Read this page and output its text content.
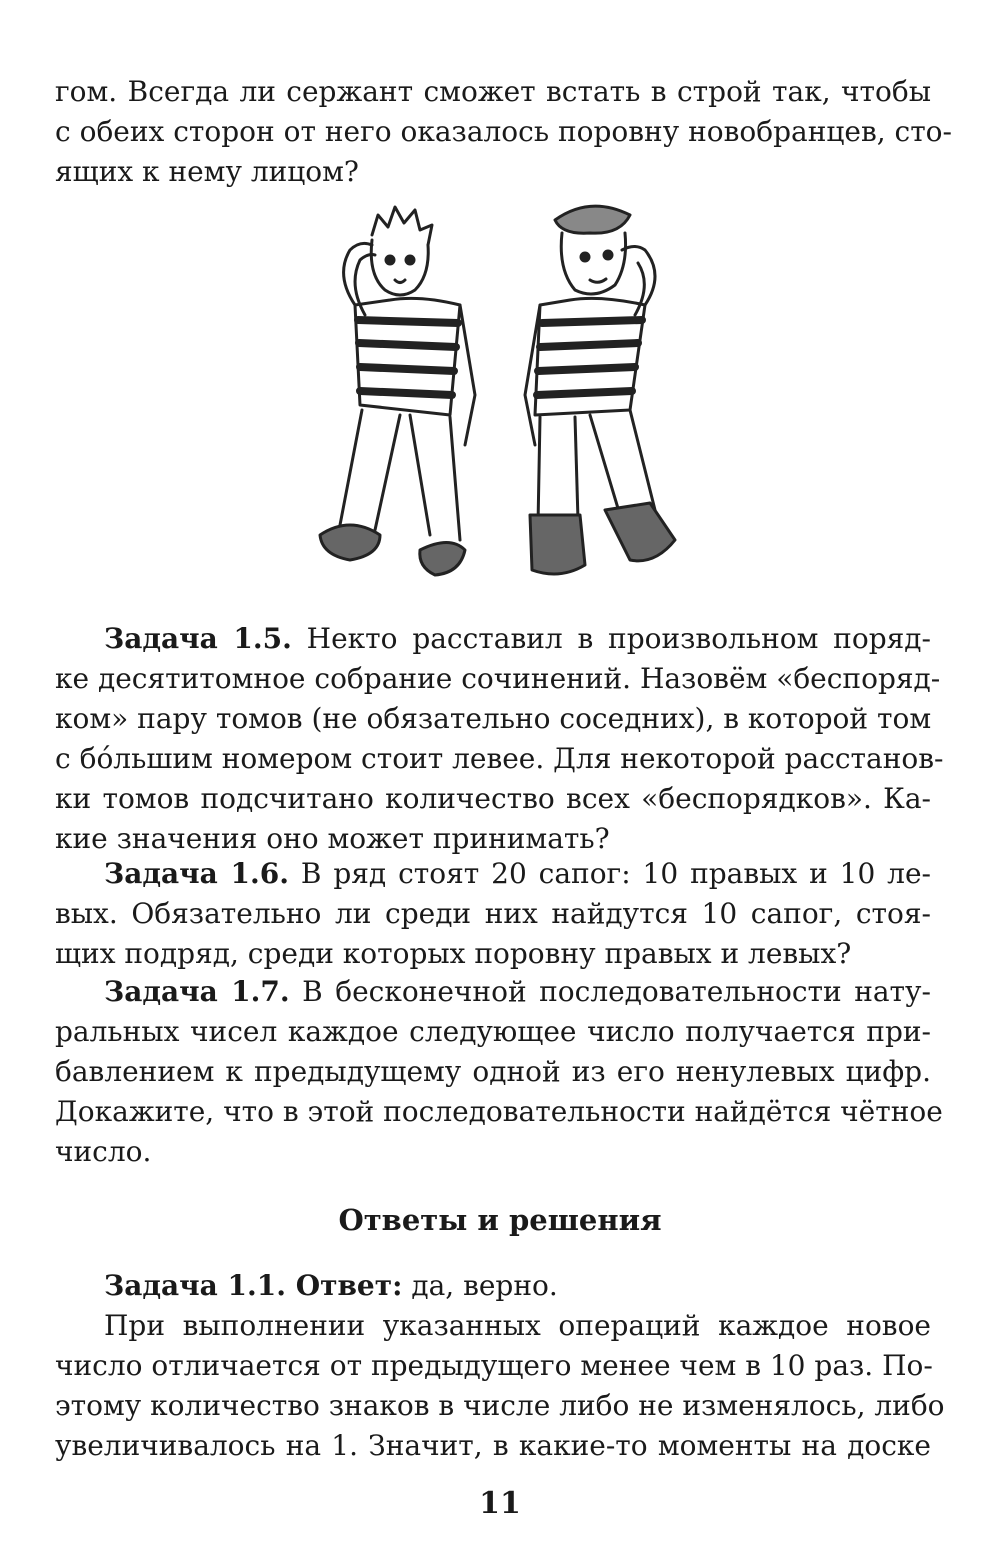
гом. Всегда ли сержант сможет встать в строй так, чтобы
с обеих сторон от него оказалось поровну новобранцев, сто-
ящих к нему лицом?
Задача 1.5. Некто расставил в произвольном поряд-
ке десятитомное собрание сочинений. Назовём «беспоряд-
ком» пару томов (не обязательно соседних), в которой том
с бо́льшим номером стоит левее. Для некоторой расстанов-
ки томов подсчитано количество всех «беспорядков». Ка-
кие значения оно может принимать?
Задача 1.6. В ряд стоят 20 сапог: 10 правых и 10 ле-
вых. Обязательно ли среди них найдутся 10 сапог, стоя-
щих подряд, среди которых поровну правых и левых?
Задача 1.7. В бесконечной последовательности нату-
ральных чисел каждое следующее число получается при-
бавлением к предыдущему одной из его ненулевых цифр.
Докажите, что в этой последовательности найдётся чётное
число.
Ответы и решения
Задача 1.1. Ответ: да, верно.
При выполнении указанных операций каждое новое
число отличается от предыдущего менее чем в 10 раз. По-
этому количество знаков в числе либо не изменялось, либо
увеличивалось на 1. Значит, в какие-то моменты на доске
11
